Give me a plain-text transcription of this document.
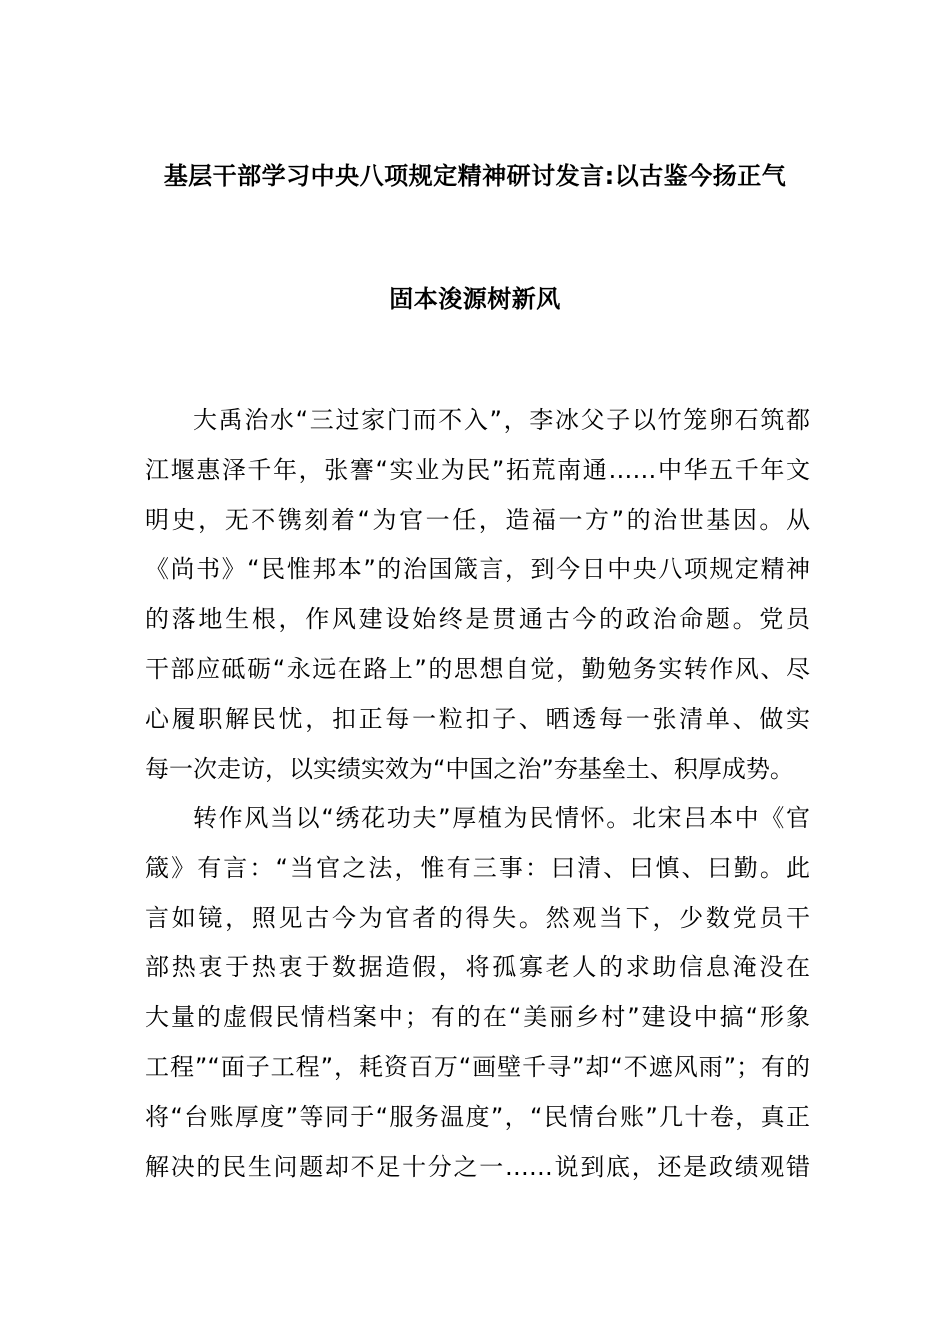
基层干部学习中央八项规定精神研讨发言:以古鉴今扬正气
固本浚源树新风
大禹治水“三过家门而不入”，李冰父子以竹笼卵石筑都
江堰惠泽千年，张謇“实业为民”拓荒南通……中华五千年文
明史，无不镌刻着“为官一任，造福一方”的治世基因。从
《尚书》“民惟邦本”的治国箴言，到今日中央八项规定精神
的落地生根，作风建设始终是贯通古今的政治命题。党员
干部应砥砺“永远在路上”的思想自觉，勤勉务实转作风、尽
心履职解民忧，扣正每一粒扣子、晒透每一张清单、做实
每一次走访，以实绩实效为“中国之治”夯基垒土、积厚成势。
转作风当以“绣花功夫”厚植为民情怀。北宋吕本中《官
箴》有言：“当官之法，惟有三事：曰清、曰慎、曰勤。此
言如镜，照见古今为官者的得失。然观当下，少数党员干
部热衷于热衷于数据造假，将孤寡老人的求助信息淹没在
大量的虚假民情档案中；有的在“美丽乡村”建设中搞“形象
工程”“面子工程”，耗资百万“画壁千寻”却“不遮风雨”；有的
将“台账厚度”等同于“服务温度”，“民情台账”几十卷，真正
解决的民生问题却不足十分之一……说到底，还是政绩观错
